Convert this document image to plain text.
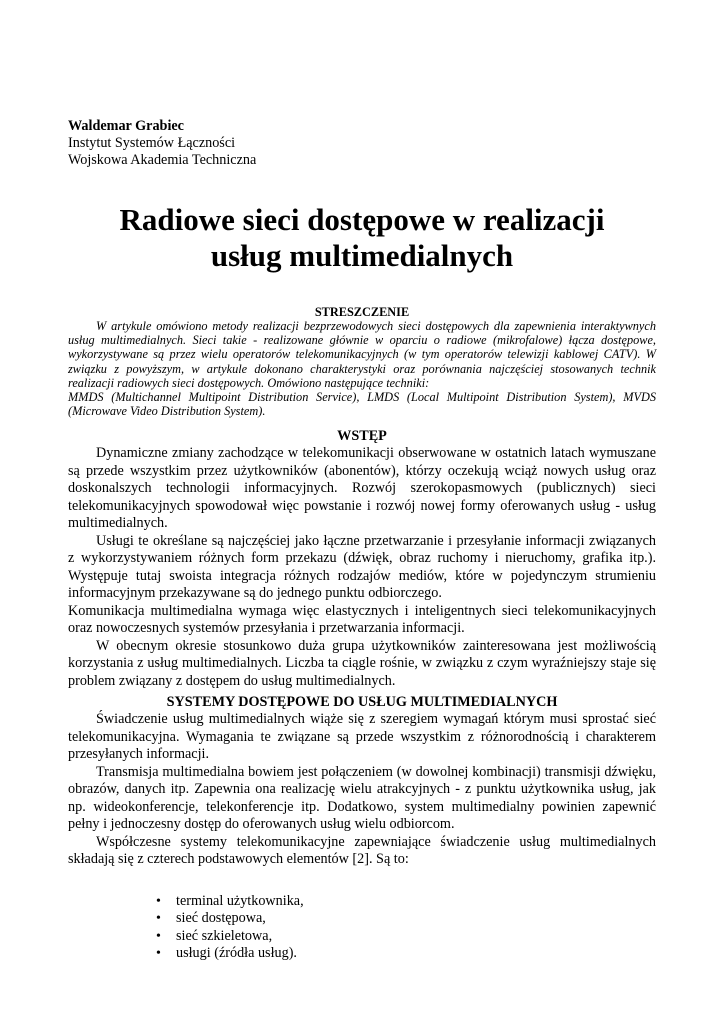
Waldemar Grabiec
Instytut Systemów Łączności
Wojskowa Akademia Techniczna
Radiowe sieci dostępowe w realizacji
usług multimedialnych
STRESZCZENIE

W artykule omówiono metody realizacji bezprzewodowych sieci dostępowych dla zapewnienia interaktywnych usług multimedialnych. Sieci takie - realizowane głównie w oparciu o radiowe (mikrofalowe) łącza dostępowe, wykorzystywane są przez wielu operatorów telekomunikacyjnych (w tym operatorów telewizji kablowej CATV). W związku z powyższym, w artykule dokonano charakterystyki oraz porównania najczęściej stosowanych technik realizacji radiowych sieci dostępowych. Omówiono następujące techniki:

MMDS (Multichannel Multipoint Distribution Service), LMDS (Local Multipoint Distribution System), MVDS (Microwave Video Distribution System).

WSTĘP

Dynamiczne zmiany zachodzące w telekomunikacji obserwowane w ostatnich latach wymuszane są przede wszystkim przez użytkowników (abonentów), którzy oczekują wciąż nowych usług oraz doskonalszych technologii informacyjnych. Rozwój szerokopasmowych (publicznych) sieci telekomunikacyjnych spowodował więc powstanie i rozwój nowej formy oferowanych usług - usług multimedialnych.

Usługi te określane są najczęściej jako łączne przetwarzanie i przesyłanie informacji związanych z wykorzystywaniem różnych form przekazu (dźwięk, obraz ruchomy i nieruchomy, grafika itp.). Występuje tutaj swoista integracja różnych rodzajów mediów, które w pojedynczym strumieniu informacyjnym przekazywane są do jednego punktu odbiorczego.

Komunikacja multimedialna wymaga więc elastycznych i inteligentnych sieci telekomunikacyjnych oraz nowoczesnych systemów przesyłania i przetwarzania informacji.

W obecnym okresie stosunkowo duża grupa użytkowników zainteresowana jest możliwością korzystania z usług multimedialnych. Liczba ta ciągle rośnie, w związku z czym wyraźniejszy staje się problem związany z dostępem do usług multimedialnych.

SYSTEMY DOSTĘPOWE DO USŁUG MULTIMEDIALNYCH

Świadczenie usług multimedialnych wiąże się z szeregiem wymagań którym musi sprostać sieć telekomunikacyjna. Wymagania te związane są przede wszystkim z różnorodnością i charakterem przesyłanych informacji.

Transmisja multimedialna bowiem jest połączeniem (w dowolnej kombinacji) transmisji dźwięku, obrazów, danych itp. Zapewnia ona realizację wielu atrakcyjnych - z punktu użytkownika usług, jak np. wideokonferencje, telekonferencje itp. Dodatkowo, system multimedialny powinien zapewnić pełny i jednoczesny dostęp do oferowanych usług wielu odbiorcom.

Współczesne systemy telekomunikacyjne zapewniające świadczenie usług multimedialnych składają się z czterech podstawowych elementów [2]. Są to:

• terminal użytkownika,
• sieć dostępowa,
• sieć szkieletowa,
• usługi (źródła usług).
